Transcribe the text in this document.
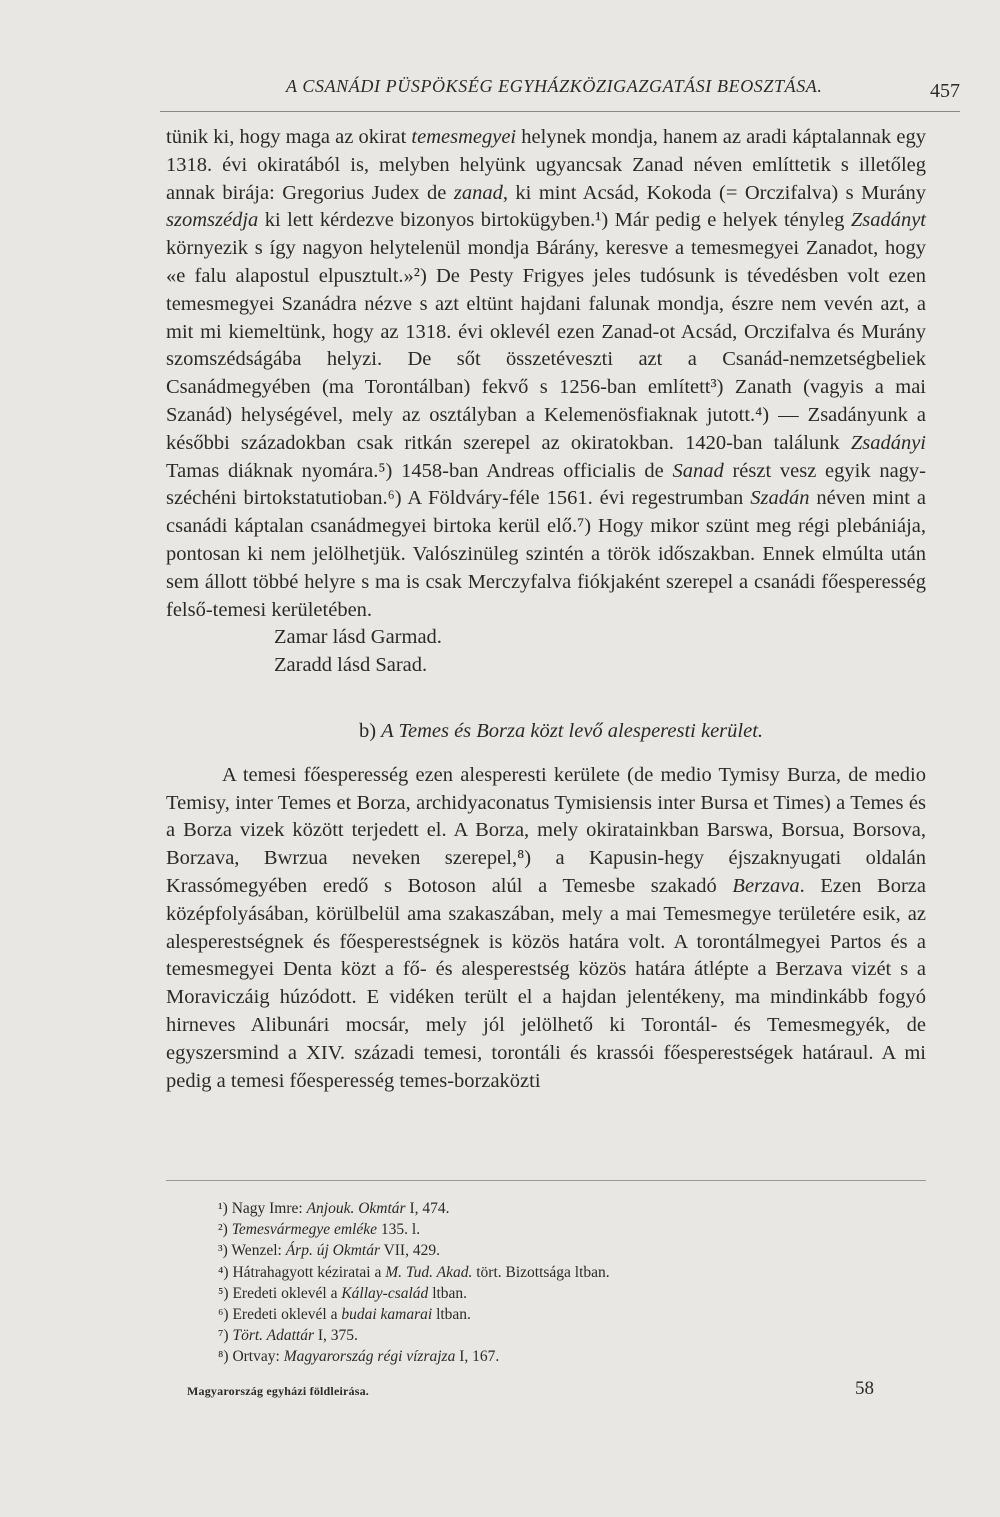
A CSANÁDI PÜSPÖKSÉG EGYHÁZKÖZIGAZGATÁSI BEOSZTÁSA.	457

tünik ki, hogy maga az okirat temesmegyei helynek mondja, hanem az aradi káptalannak egy 1318. évi okiratából is, melyben helyünk ugyancsak Zanad néven említtetik s illetőleg annak birája: Gregorius Judex de zanad, ki mint Acsád, Kokoda (= Orczifalva) s Murány szomszédja ki lett kérdezve bizonyos birtokügyben.¹) Már pedig e helyek tényleg Zsadányt környezik s így nagyon helytelenül mondja Bárány, keresve a temesmegyei Zanadot, hogy «e falu alapostul elpusztult.»²) De Pesty Frigyes jeles tudósunk is tévedésben volt ezen temesmegyei Szanádra nézve s azt eltünt hajdani falunak mondja, észre nem vevén azt, a mit mi kiemeltünk, hogy az 1318. évi oklevél ezen Zanad-ot Acsád, Orczifalva és Murány szomszédságába helyzi. De sőt összetéveszti azt a Csanád-nemzetségbeliek Csanádmegyében (ma Torontálban) fekvő s 1256-ban említett³) Zanath (vagyis a mai Szanád) helységével, mely az osztályban a Kelemenösfiaknak jutott.⁴) — Zsadányunk a későbbi századokban csak ritkán szerepel az okiratokban. 1420-ban találunk Zsadányi Tamas diáknak nyomára.⁵) 1458-ban Andreas officialis de Sanad részt vesz egyik nagy-széchéni birtokstatutioban.⁶) A Földváry-féle 1561. évi regestrumban Szadán néven mint a csanádi káptalan csanádmegyei birtoka kerül elő.⁷) Hogy mikor szünt meg régi plebániája, pontosan ki nem jelölhetjük. Valószinüleg szintén a török időszakban. Ennek elmúlta után sem állott többé helyre s ma is csak Merczyfalva fiókjaként szerepel a csanádi főesperesség felső-temesi kerületében.

Zamar lásd Garmad.
Zaradd lásd Sarad.
b) A Temes és Borza közt levő alesperesti kerület.

A temesi főesperesség ezen alesperesti kerülete (de medio Tymisy Burza, de medio Temisy, inter Temes et Borza, archidyaconatus Tymisiensis inter Bursa et Times) a Temes és a Borza vizek között terjedett el. A Borza, mely okiratainkban Barswa, Borsua, Borsova, Borzava, Bwrzua neveken szerepel,⁸) a Kapusin-hegy éjszaknyugati oldalán Krassómegyében eredő s Botoson alúl a Temesbe szakadó Berzava. Ezen Borza középfolyásában, körülbelül ama szakaszában, mely a mai Temesmegye területére esik, az alesperestségnek és főesperestségnek is közös határa volt. A torontálmegyei Partos és a temesmegyei Denta közt a fő- és alesperestség közös határa átlépte a Berzava vizét s a Moraviczáig húzódott. E vidéken terült el a hajdan jelentékeny, ma mindinkább fogyó hirneves Alibunári mocsár, mely jól jelölhető ki Torontál- és Temesmegyék, de egyszersmind a XIV. századi temesi, torontáli és krassói főesperestségek határaul. A mi pedig a temesi főesperesség temes-borzaközti

¹) Nagy Imre: Anjouk. Okmtár I, 474.
²) Temesvármegye emléke 135. l.
³) Wenzel: Árp. új Okmtár VII, 429.
⁴) Hátrahagyott kéziratai a M. Tud. Akad. tört. Bizottsága ltban.
⁵) Eredeti oklevél a Kállay-család ltban.
⁶) Eredeti oklevél a budai kamarai ltban.
⁷) Tört. Adattár I, 375.
⁸) Ortvay: Magyarország régi vízrajza I, 167.
Magyarország egyházi földleirása.	58
